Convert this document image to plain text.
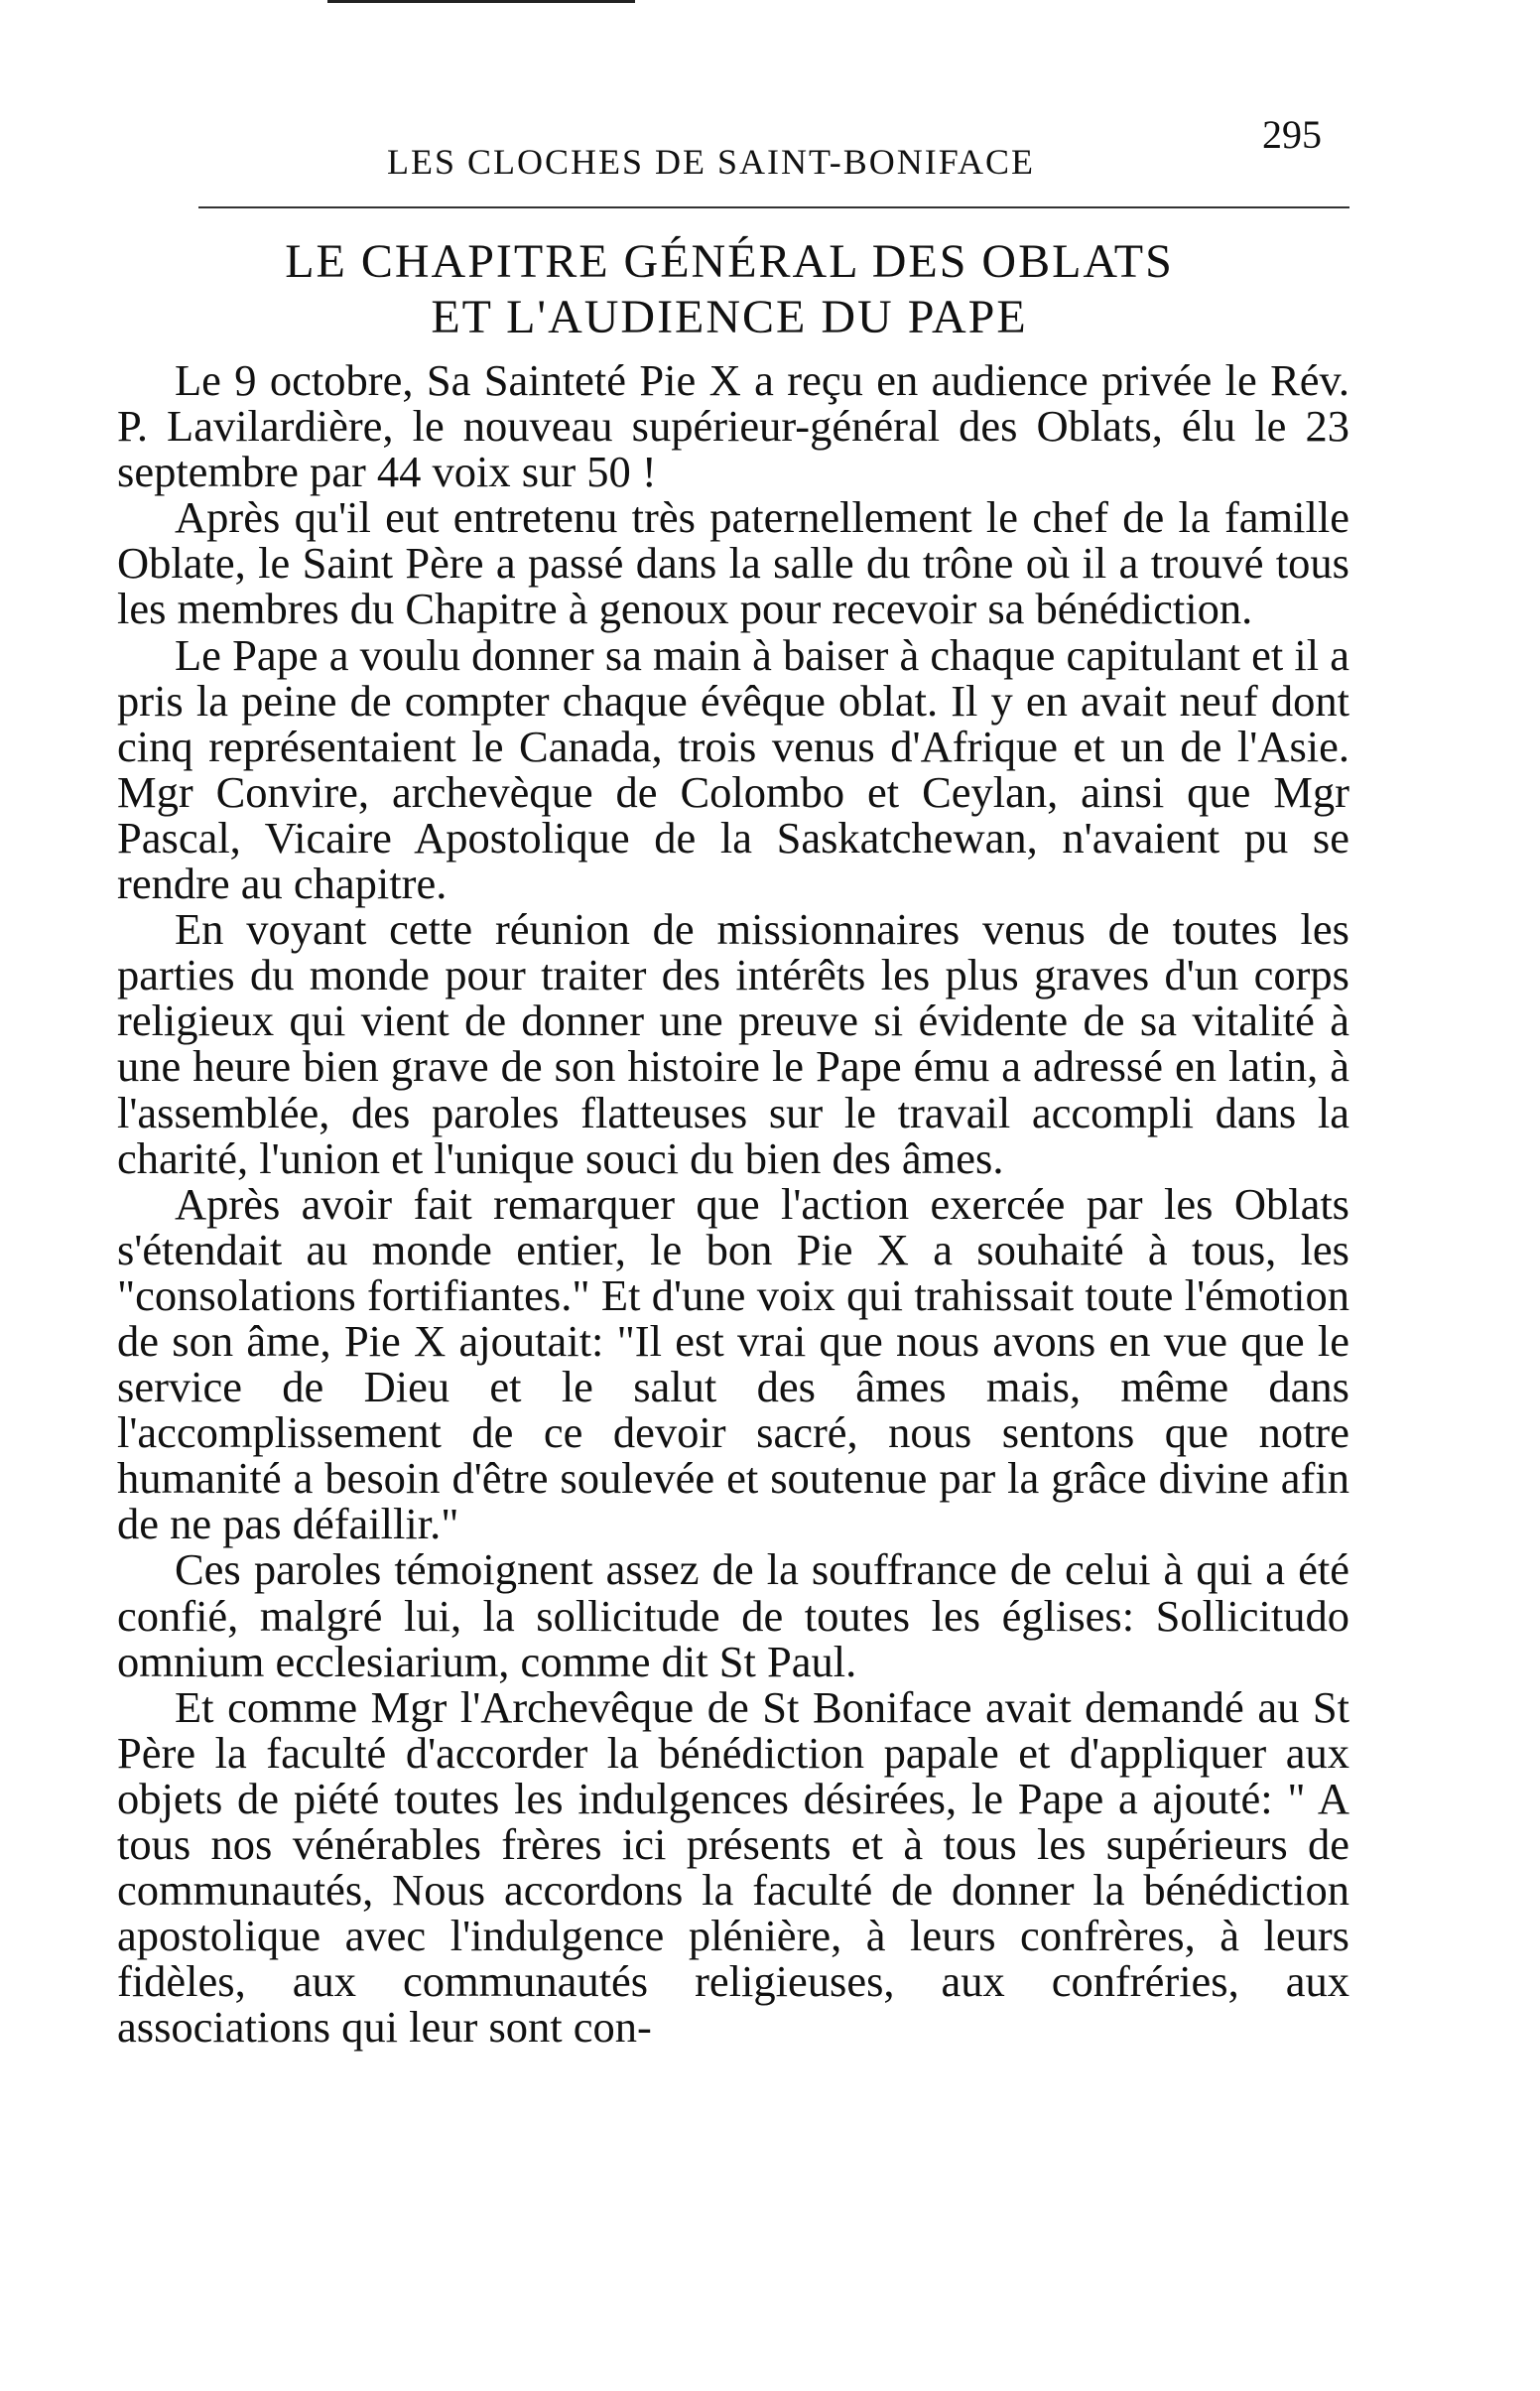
LES CLOCHES DE SAINT-BONIFACE
295
LE CHAPITRE GÉNÉRAL DES OBLATS
ET L'AUDIENCE DU PAPE

Le 9 octobre, Sa Sainteté Pie X a reçu en audience privée le Rév. P. Lavilardière, le nouveau supérieur-général des Oblats, élu le 23 septembre par 44 voix sur 50 !

Après qu'il eut entretenu très paternellement le chef de la famille Oblate, le Saint Père a passé dans la salle du trône où il a trouvé tous les membres du Chapitre à genoux pour recevoir sa bénédiction.

Le Pape a voulu donner sa main à baiser à chaque capitulant et il a pris la peine de compter chaque évêque oblat. Il y en avait neuf dont cinq représentaient le Canada, trois venus d'Afrique et un de l'Asie. Mgr Convire, archevèque de Colombo et Ceylan, ainsi que Mgr Pascal, Vicaire Apostolique de la Saskatchewan, n'avaient pu se rendre au chapitre.

En voyant cette réunion de missionnaires venus de toutes les parties du monde pour traiter des intérêts les plus graves d'un corps religieux qui vient de donner une preuve si évidente de sa vitalité à une heure bien grave de son histoire le Pape ému a adressé en latin, à l'assemblée, des paroles flatteuses sur le travail accompli dans la charité, l'union et l'unique souci du bien des âmes.

Après avoir fait remarquer que l'action exercée par les Oblats s'étendait au monde entier, le bon Pie X a souhaité à tous, les "consolations fortifiantes." Et d'une voix qui trahissait toute l'émotion de son âme, Pie X ajoutait: "Il est vrai que nous avons en vue que le service de Dieu et le salut des âmes mais, même dans l'accomplissement de ce devoir sacré, nous sentons que notre humanité a besoin d'être soulevée et soutenue par la grâce divine afin de ne pas défaillir."

Ces paroles témoignent assez de la souffrance de celui à qui a été confié, malgré lui, la sollicitude de toutes les églises: Sollicitudo omnium ecclesiarium, comme dit St Paul.

Et comme Mgr l'Archevêque de St Boniface avait demandé au St Père la faculté d'accorder la bénédiction papale et d'appliquer aux objets de piété toutes les indulgences désirées, le Pape a ajouté: " A tous nos vénérables frères ici présents et à tous les supérieurs de communautés, Nous accordons la faculté de donner la bénédiction apostolique avec l'indulgence plénière, à leurs confrères, à leurs fidèles, aux communautés religieuses, aux confréries, aux associations qui leur sont con-
